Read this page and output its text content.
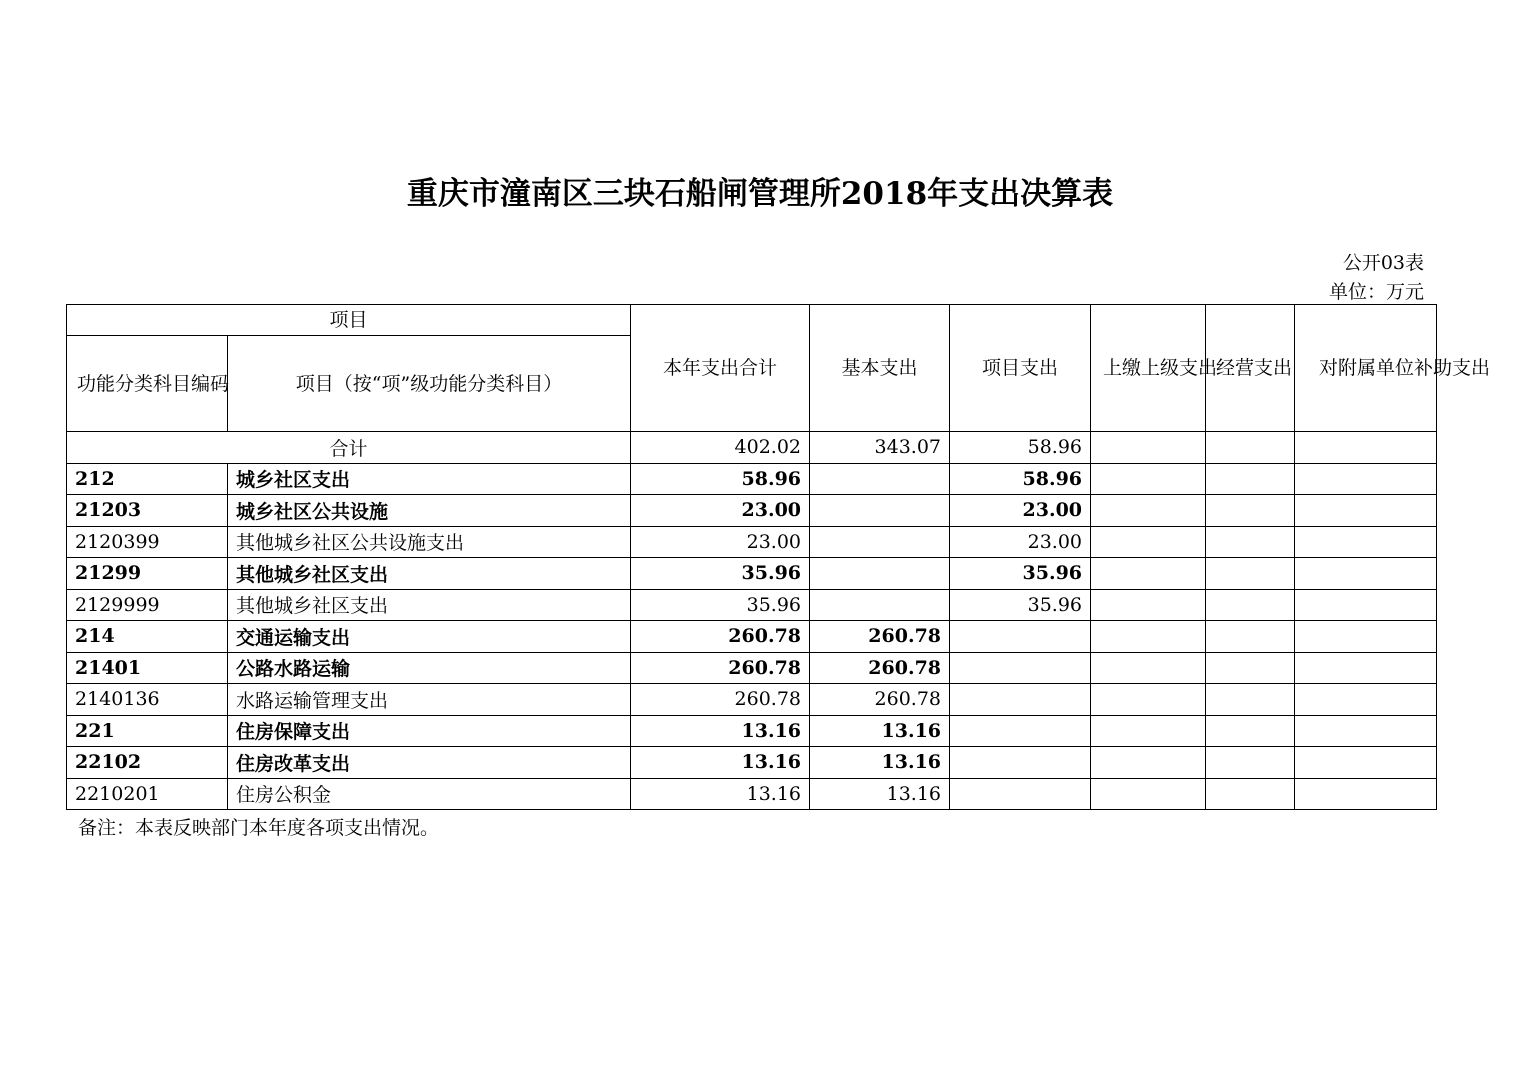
重庆市潼南区三块石船闸管理所2018年支出决算表
公开03表
单位：万元
项目		本年支出合计	基本支出	项目支出	上缴上级支出	经营支出	对附属单位补助支出
功能分类科目编码	项目（按“项”级功能分类科目）						
合计		402.02	343.07	58.96			
212	城乡社区支出	58.96		58.96			
21203	城乡社区公共设施	23.00		23.00			
2120399	其他城乡社区公共设施支出	23.00		23.00			
21299	其他城乡社区支出	35.96		35.96			
2129999	其他城乡社区支出	35.96		35.96			
214	交通运输支出	260.78	260.78				
21401	公路水路运输	260.78	260.78				
2140136	水路运输管理支出	260.78	260.78				
221	住房保障支出	13.16	13.16				
22102	住房改革支出	13.16	13.16				
2210201	住房公积金	13.16	13.16				
备注：本表反映部门本年度各项支出情况。
